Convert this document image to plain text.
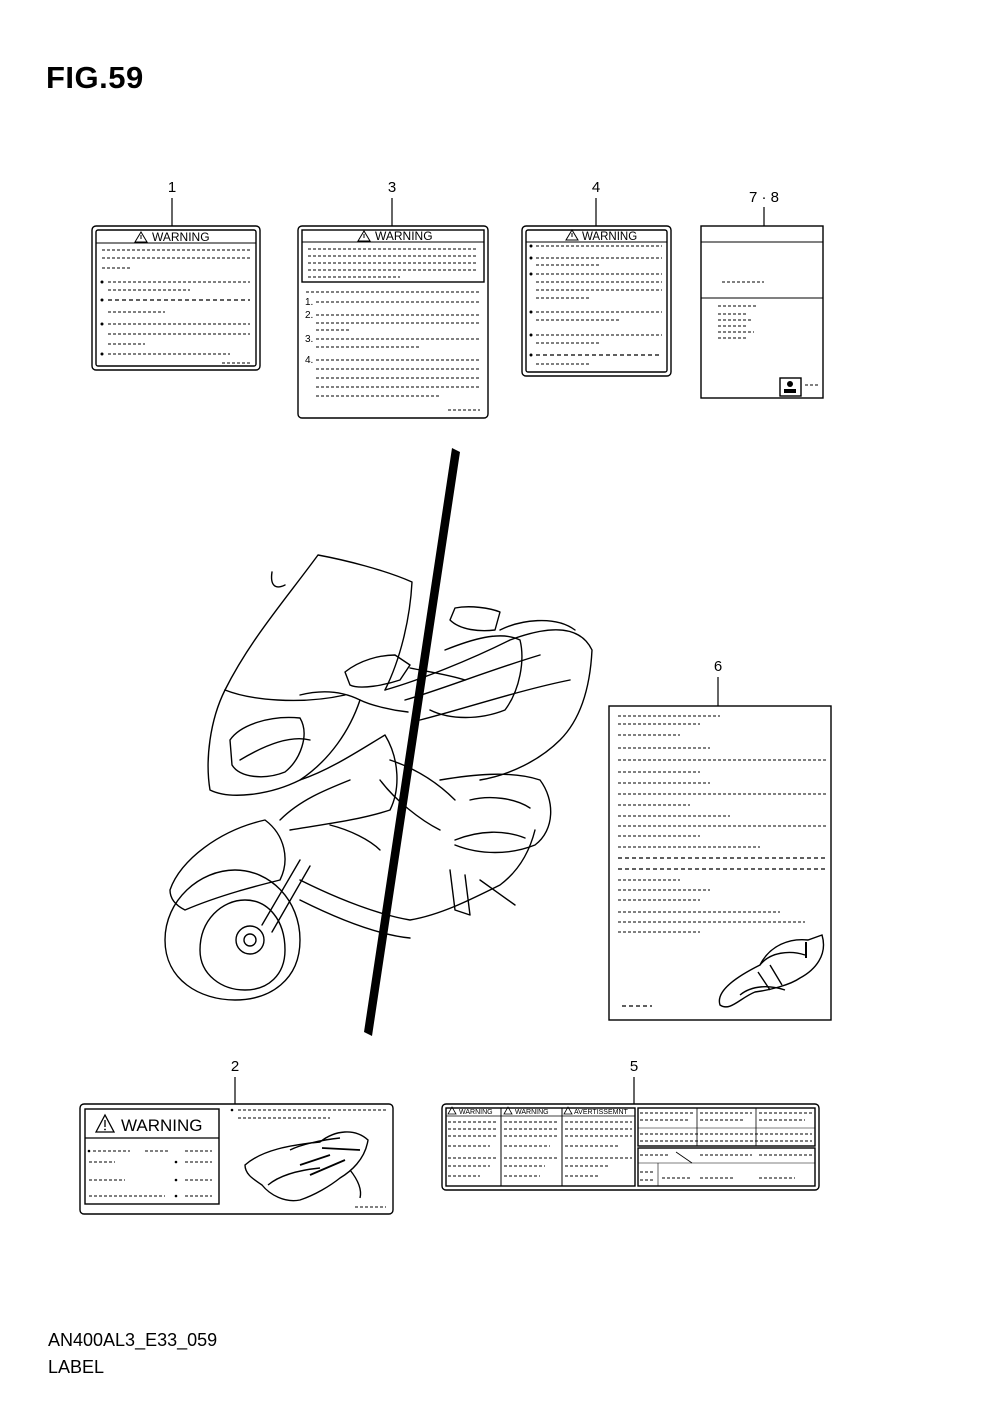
FIG.59
AN400AL3_E33_059
LABEL
1	3	4
7 · 8
6
2	5
WARNING	WARNING
1.
2.
3.
4.
WARNING
WARNING
WARNING	WARNING	AVERTISSEMNT
